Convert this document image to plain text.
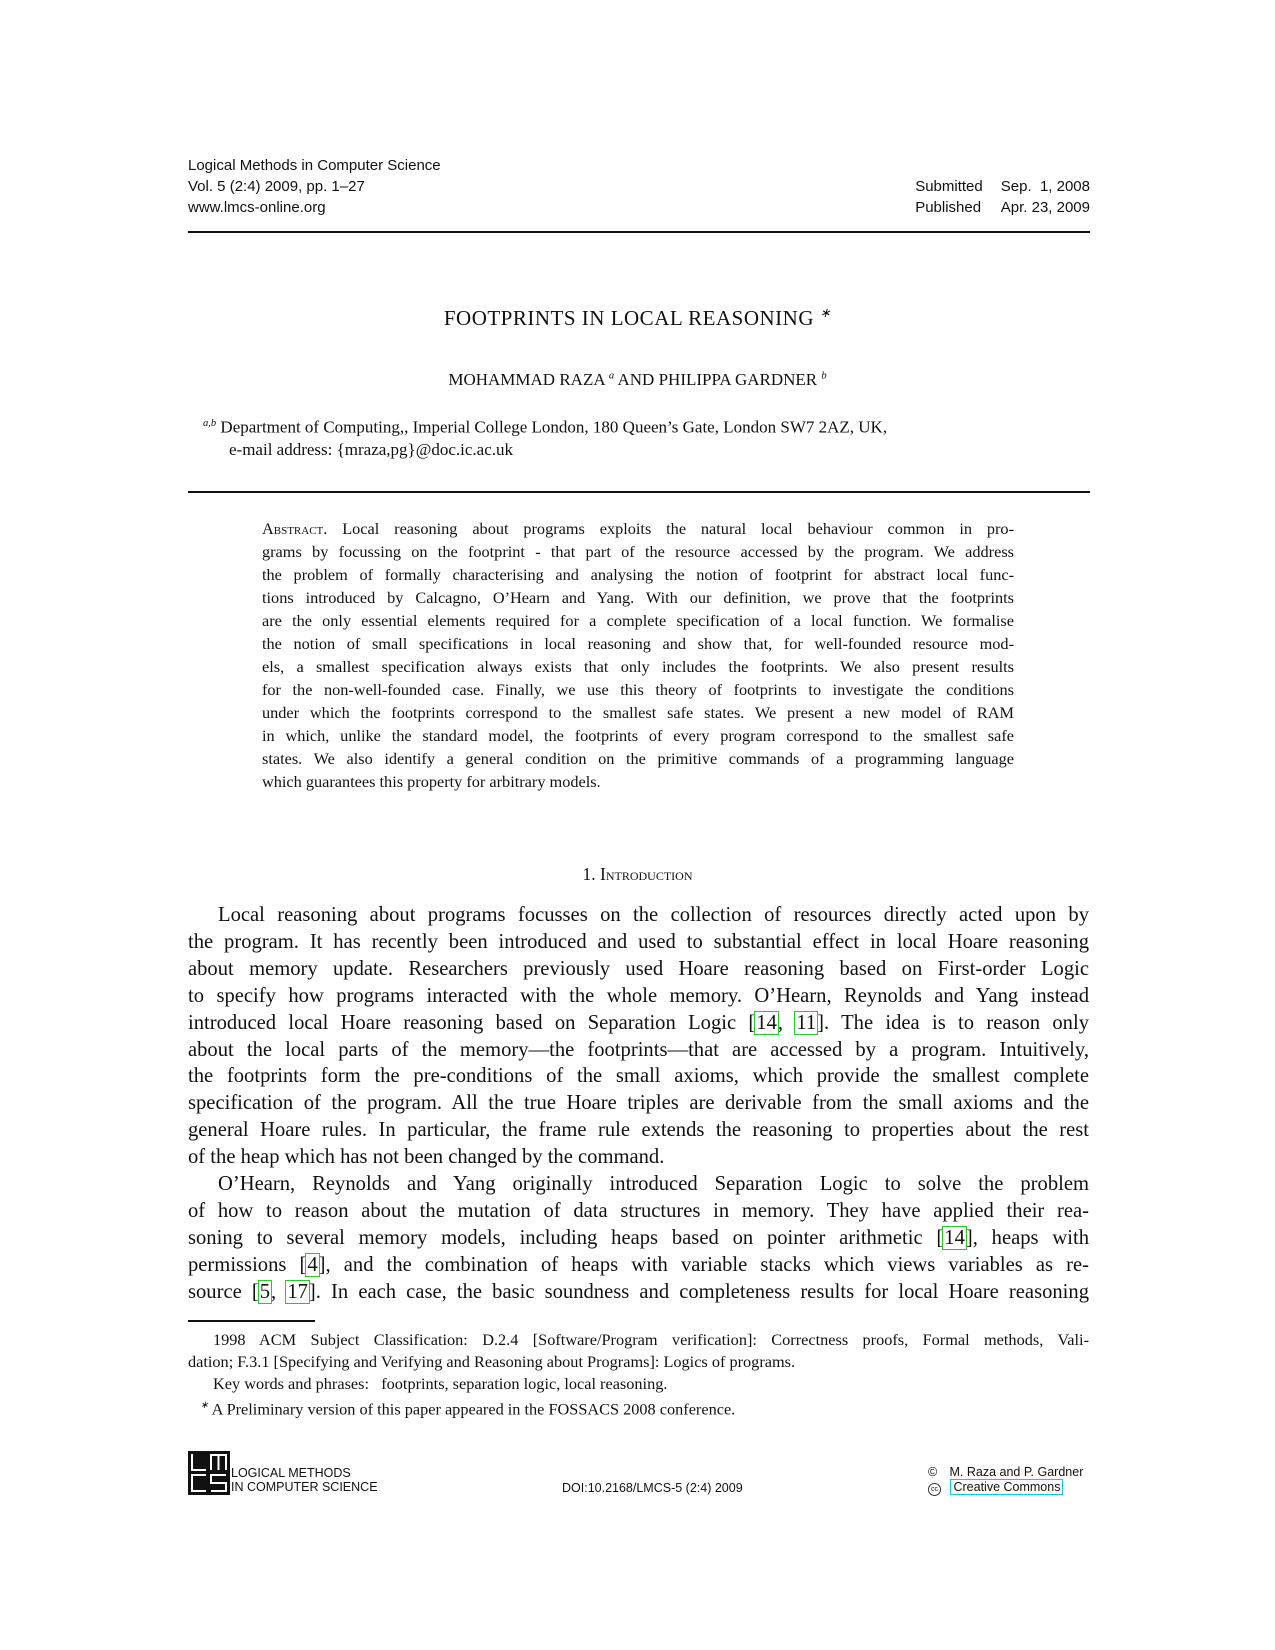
Logical Methods in Computer Science
Vol. 5 (2:4) 2009, pp. 1–27
www.lmcs-online.org
Submitted Sep.  1, 2008
Published Apr. 23, 2009
FOOTPRINTS IN LOCAL REASONING ∗
MOHAMMAD RAZA $^a$ AND PHILIPPA GARDNER $^b$
$^{a,b}$ Department of Computing,, Imperial College London, 180 Queen’s Gate, London SW7 2AZ, UK,
e-mail address: {mraza,pg}@doc.ic.ac.uk
Abstract. Local reasoning about programs exploits the natural local behaviour common in pro-
grams by focussing on the footprint - that part of the resource accessed by the program. We address
the problem of formally characterising and analysing the notion of footprint for abstract local func-
tions introduced by Calcagno, O’Hearn and Yang. With our definition, we prove that the footprints
are the only essential elements required for a complete specification of a local function. We formalise
the notion of small specifications in local reasoning and show that, for well-founded resource mod-
els, a smallest specification always exists that only includes the footprints. We also present results
for the non-well-founded case. Finally, we use this theory of footprints to investigate the conditions
under which the footprints correspond to the smallest safe states. We present a new model of RAM
in which, unlike the standard model, the footprints of every program correspond to the smallest safe
states. We also identify a general condition on the primitive commands of a programming language
which guarantees this property for arbitrary models.
1. Introduction
Local reasoning about programs focusses on the collection of resources directly acted upon by
the program. It has recently been introduced and used to substantial effect in local Hoare reasoning
about memory update. Researchers previously used Hoare reasoning based on First-order Logic
to specify how programs interacted with the whole memory. O’Hearn, Reynolds and Yang instead
introduced local Hoare reasoning based on Separation Logic [14, 11]. The idea is to reason only
about the local parts of the memory—the footprints—that are accessed by a program. Intuitively,
the footprints form the pre-conditions of the small axioms, which provide the smallest complete
specification of the program. All the true Hoare triples are derivable from the small axioms and the
general Hoare rules. In particular, the frame rule extends the reasoning to properties about the rest
of the heap which has not been changed by the command.
O’Hearn, Reynolds and Yang originally introduced Separation Logic to solve the problem
of how to reason about the mutation of data structures in memory. They have applied their rea-
soning to several memory models, including heaps based on pointer arithmetic [14], heaps with
permissions [4], and the combination of heaps with variable stacks which views variables as re-
source [5, 17]. In each case, the basic soundness and completeness results for local Hoare reasoning
1998 ACM Subject Classification: D.2.4 [Software/Program verification]: Correctness proofs, Formal methods, Vali-
dation; F.3.1 [Specifying and Verifying and Reasoning about Programs]: Logics of programs.
Key words and phrases: footprints, separation logic, local reasoning.
∗ A Preliminary version of this paper appeared in the FOSSACS 2008 conference.
LOGICAL METHODS
IN COMPUTER SCIENCE	DOI:10.2168/LMCS-5 (2:4) 2009
© M. Raza and P. Gardner
cc Creative Commons
